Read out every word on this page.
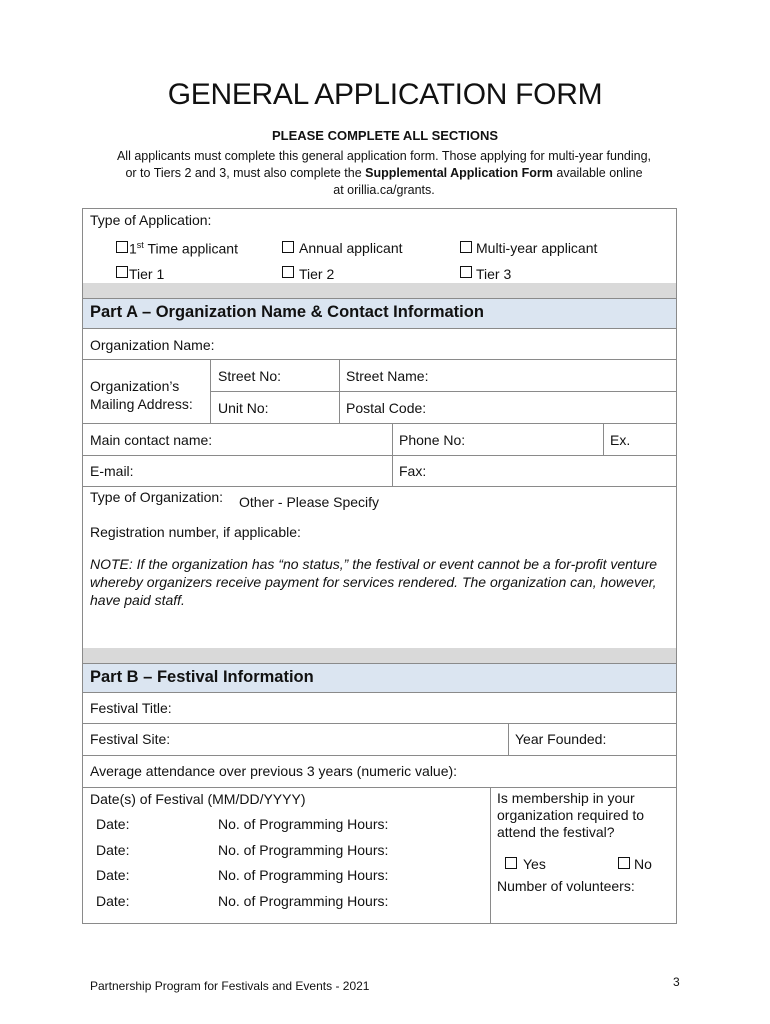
GENERAL APPLICATION FORM
PLEASE COMPLETE ALL SECTIONS
All applicants must complete this general application form. Those applying for multi-year funding,
or to Tiers 2 and 3, must also complete the Supplemental Application Form available online
at orillia.ca/grants.
Type of Application:
1st Time applicant	Annual applicant	Multi-year applicant
Tier 1	Tier 2	Tier 3
Part A – Organization Name & Contact Information
Organization Name:
Organization’s
Mailing Address:
Street No:	Street Name:
Unit No:	Postal Code:
Main contact name:	Phone No:	Ex.
E-mail:	Fax:
Type of Organization: Other - Please Specify
Registration number, if applicable:
NOTE: If the organization has “no status,” the festival or event cannot be a for-profit venture whereby organizers receive payment for services rendered. The organization can, however, have paid staff.
Part B – Festival Information
Festival Title:
Festival Site:	Year Founded:
Average attendance over previous 3 years (numeric value):
Date(s) of Festival (MM/DD/YYYY)
Date:	No. of Programming Hours:
Date:	No. of Programming Hours:
Date:	No. of Programming Hours:
Date:	No. of Programming Hours:
Is membership in your organization required to attend the festival?
Yes	No
Number of volunteers:
Partnership Program for Festivals and Events - 2021	3
